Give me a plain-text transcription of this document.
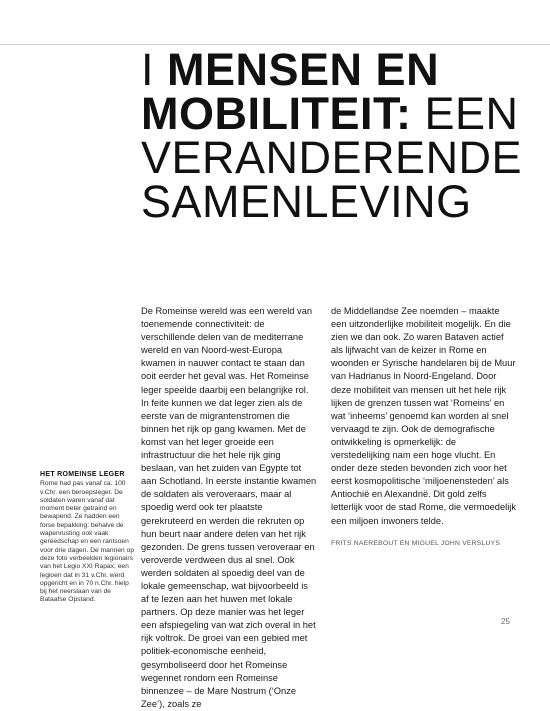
I MENSEN EN MOBILITEIT: EEN VERANDERENDE SAMENLEVING
HET ROMEINSE LEGER
Rome had pas vanaf ca. 100 v.Chr. een beroepsleger. De soldaten waren vanaf dat moment beter getraind en bewapend. Ze hadden een forse bepakking: behalve de wapenrusting ook vaak gereedschap en een rantsoen voor drie dagen. De mannen op deze foto verbeelden legionairs van het Legio XXI Rapax, een legioen dat in 31 v.Chr. werd opgericht en in 70 n.Chr. hielp bij het neerslaan van de Bataafse Opstand.

De Romeinse wereld was een wereld van toenemende connectiviteit: de verschillende delen van de mediterrane wereld en van Noord-west-Europa kwamen in nauwer contact te staan dan ooit eerder het geval was. Het Romeinse leger speelde daarbij een belangrijke rol. In feite kunnen we dat leger zien als de eerste van de migrantenstromen die binnen het rijk op gang kwamen. Met de komst van het leger groeide een infrastructuur die het hele rijk ging beslaan, van het zuiden van Egypte tot aan Schotland. In eerste instantie kwamen de soldaten als veroveraars, maar al spoedig werd ook ter plaatste gerekruteerd en werden die rekruten op hun beurt naar andere delen van het rijk gezonden. De grens tussen veroveraar en veroverde verdween dus al snel. Ook werden soldaten al spoedig deel van de lokale gemeenschap, wat bijvoorbeeld is af te lezen aan het huwen met lokale partners. Op deze manier was het leger een afspiegeling van wat zich overal in het rijk voltrok. De groei van een gebied met politiek-economische eenheid, gesymboliseerd door het Romeinse wegennet rondom een Romeinse binnenzee – de Mare Nostrum (‘Onze Zee’), zoals ze

de Middellandse Zee noemden – maakte een uitzonderlijke mobiliteit mogelijk. En die zien we dan ook. Zo waren Bataven actief als lijfwacht van de keizer in Rome en woonden er Syrische handelaren bij de Muur van Hadrianus in Noord-Engeland. Door deze mobiliteit van mensen uit het hele rijk lijken de grenzen tussen wat ‘Romeins’ en wat ‘inheems’ genoemd kan worden al snel vervaagd te zijn. Ook de demografische ontwikkeling is opmerkelijk: de verstedelijking nam een hoge vlucht. En onder deze steden bevonden zich voor het eerst kosmopolitische ‘miljoenensteden’ als Antiochië en Alexandrië. Dit gold zelfs letterlijk voor de stad Rome, die vermoedelijk een miljoen inwoners telde.

FRITS NAEREBOUT EN MIGUEL JOHN VERSLUYS

25
